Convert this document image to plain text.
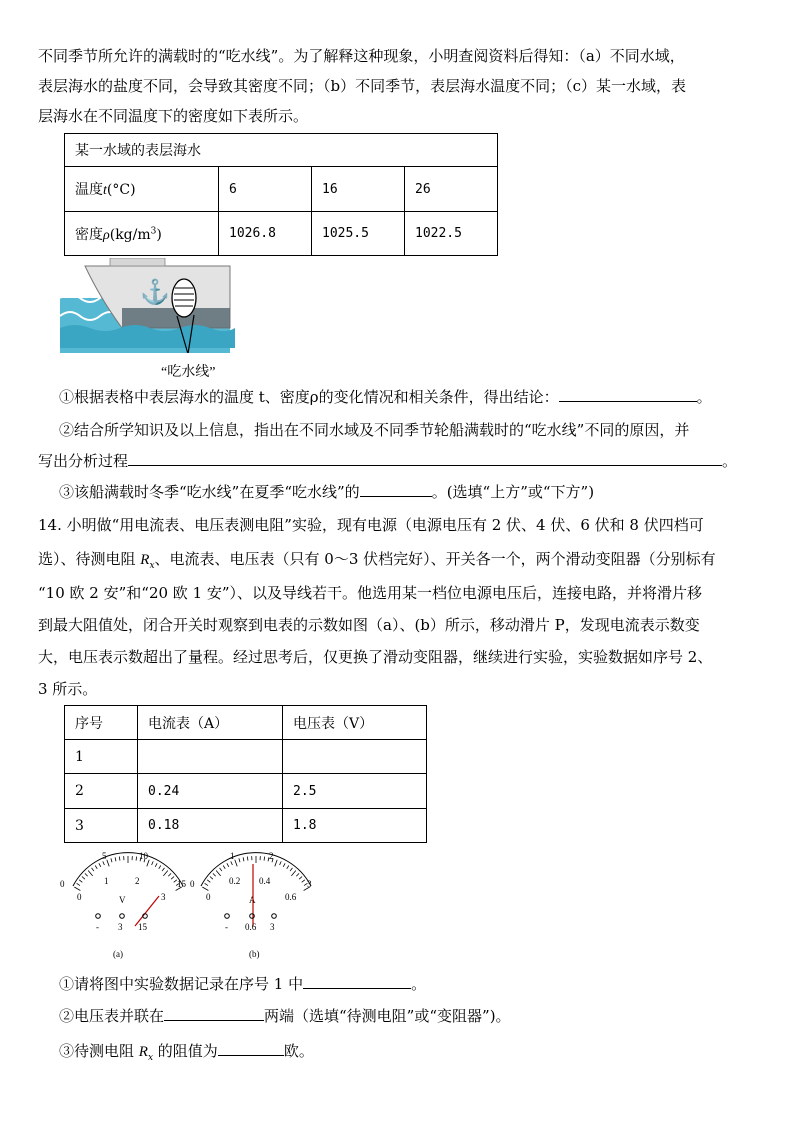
不同季节所允许的满载时的“吃水线”。为了解释这种现象，小明查阅资料后得知：（a）不同水域，
表层海水的盐度不同，会导致其密度不同；（b）不同季节，表层海水温度不同；（c）某一水域，表
层海水在不同温度下的密度如下表所示。
某一水域的表层海水			
温度t(°C)	6	16	26
密度$\rho(kg/m^3)$	1026.8	1025.5	1022.5
⚓
“吃水线”
①根据表格中表层海水的温度 t、密度ρ的变化情况和相关条件，得出结论：	。
②结合所学知识及以上信息，指出在不同水域及不同季节轮船满载时的“吃水线”不同的原因，并
写出分析过程	。
③该船满载时冬季“吃水线”在夏季“吃水线”的	。(选填“上方”或“下方”)
14. 小明做“用电流表、电压表测电阻”实验，现有电源（电源电压有 2 伏、4 伏、6 伏和 8 伏四档可
选）、待测电阻 $R_x$、电流表、电压表（只有 0～3 伏档完好）、开关各一个，两个滑动变阻器（分别标有
“10 欧 2 安”和“20 欧 1 安”）、以及导线若干。他选用某一档位电源电压后，连接电路，并将滑片移
到最大阻值处，闭合开关时观察到电表的示数如图（a）、(b）所示，移动滑片 P，发现电流表示数变
大，电压表示数超出了量程。经过思考后，仅更换了滑动变阻器，继续进行实验，实验数据如序号 2、
3 所示。
序号	电流表（A）	电压表（V）
1		
2	0.24	2.5
3	0.18	1.8
5	10
0	15
0
1	2
3
V
- 3 15
(a)
1	2
0	3
0
0.2 0.4
0.6
A
- 0.6 3
(b)
①请将图中实验数据记录在序号 1 中	。
②电压表并联在	两端（选填“待测电阻”或“变阻器”)。
③待测电阻 $R_x$ 的阻值为	欧。
